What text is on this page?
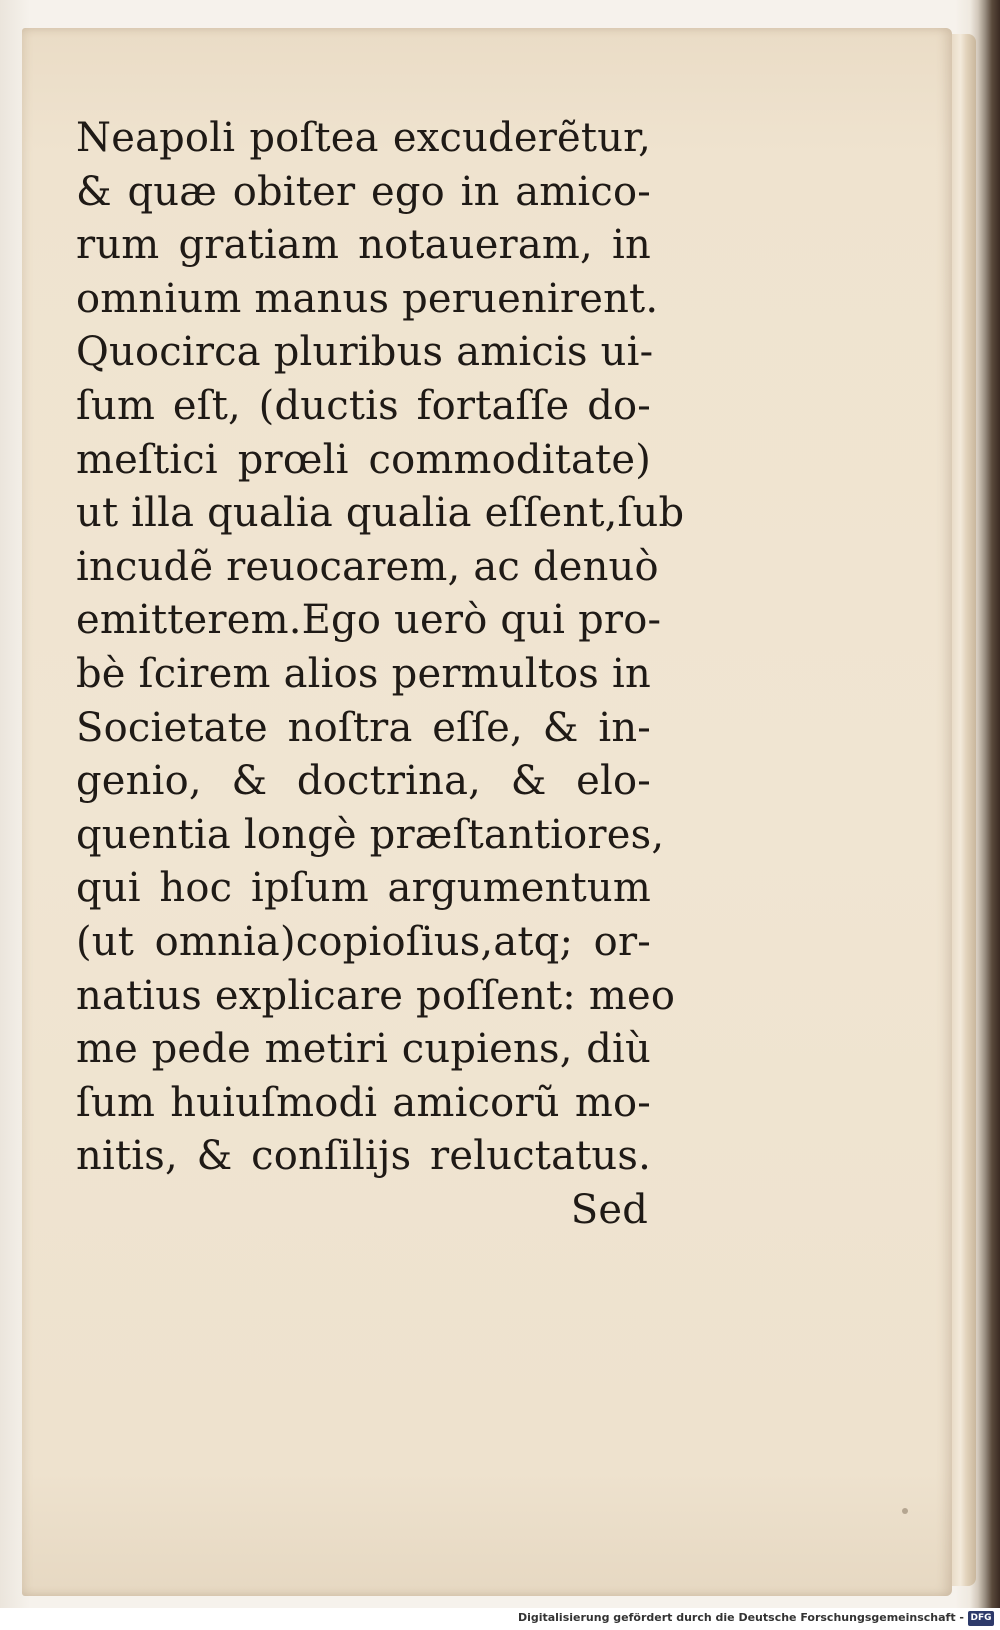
Neapoli poſtea excuderẽtur,
& quæ obiter ego in amico-
rum gratiam notaueram, in
omnium manus peruenirent.
Quocirca pluribus amicis ui-
ſum eſt, (ductis fortaſſe do-
meſtici prœli commoditate)
ut illa qualia qualia eſſent,ſub
incudẽ reuocarem, ac denuò
emitterem.Ego uerò qui pro-
bè ſcirem alios permultos in
Societate noſtra eſſe, & in-
genio, & doctrina, & elo-
quentia longè præſtantiores,
qui hoc ipſum argumentum
(ut omnia)copioſius,atq; or-
natius explicare poſſent: meo
me pede metiri cupiens, diù
ſum huiuſmodi amicorũ mo-
nitis, & conſilijs reluctatus.
Sed
Digitalisierung gefördert durch die Deutsche Forschungsgemeinschaft - DFG
